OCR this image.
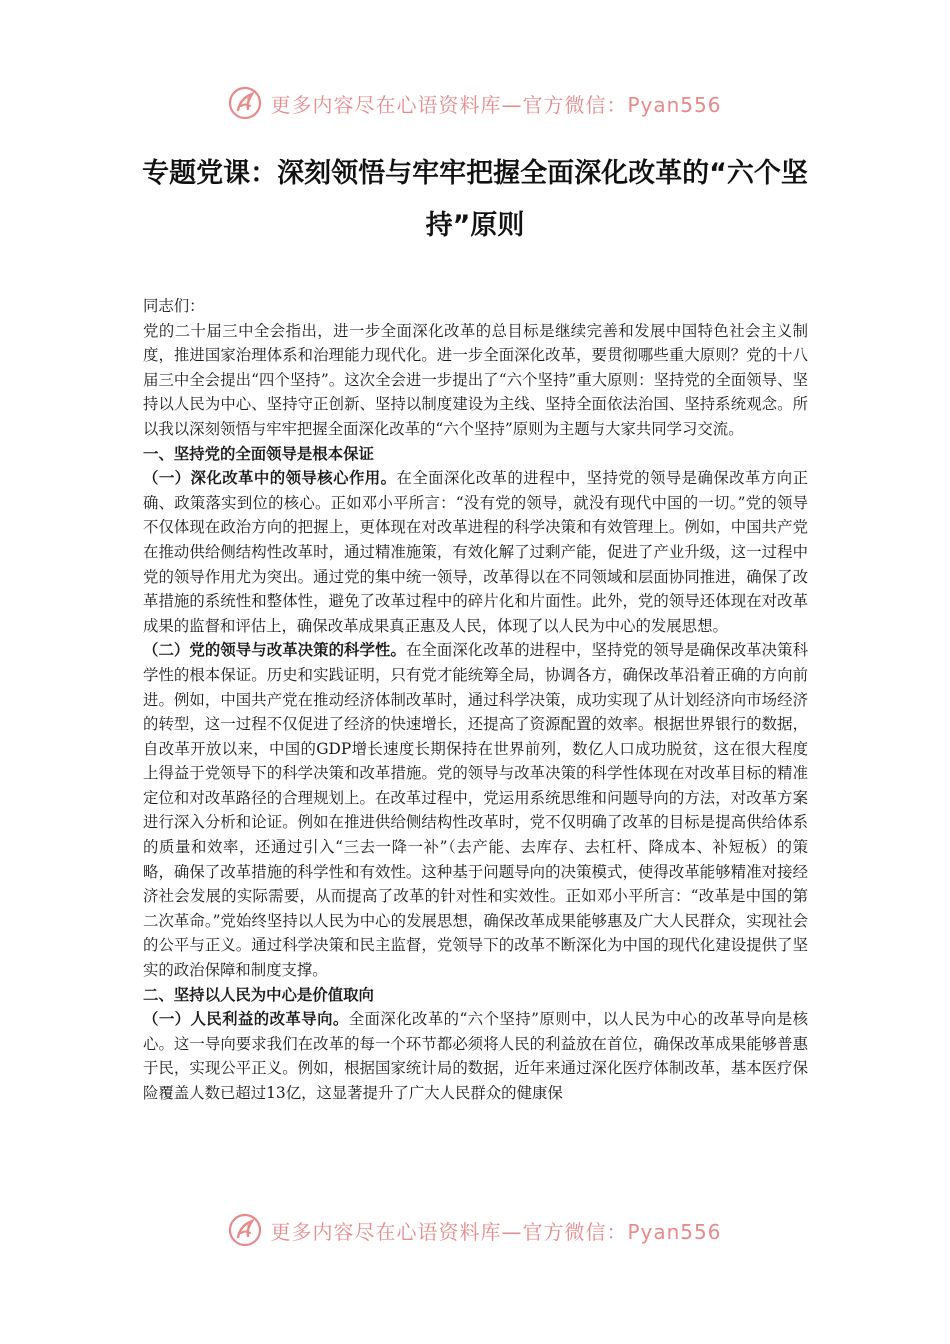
更多内容尽在心语资料库—官方微信：Pyan556
专题党课：深刻领悟与牢牢把握全面深化改革的“六个坚持”原则

同志们：

党的二十届三中全会指出，进一步全面深化改革的总目标是继续完善和发展中国特色社会主义制度，推进国家治理体系和治理能力现代化。进一步全面深化改革，要贯彻哪些重大原则？党的十八届三中全会提出“四个坚持”。这次全会进一步提出了“六个坚持”重大原则：坚持党的全面领导、坚持以人民为中心、坚持守正创新、坚持以制度建设为主线、坚持全面依法治国、坚持系统观念。所以我以深刻领悟与牢牢把握全面深化改革的“六个坚持”原则为主题与大家共同学习交流。

一、坚持党的全面领导是根本保证

（一）深化改革中的领导核心作用。在全面深化改革的进程中，坚持党的领导是确保改革方向正确、政策落实到位的核心。正如邓小平所言：“没有党的领导，就没有现代中国的一切。”党的领导不仅体现在政治方向的把握上，更体现在对改革进程的科学决策和有效管理上。例如，中国共产党在推动供给侧结构性改革时，通过精准施策，有效化解了过剩产能，促进了产业升级，这一过程中党的领导作用尤为突出。通过党的集中统一领导，改革得以在不同领域和层面协同推进，确保了改革措施的系统性和整体性，避免了改革过程中的碎片化和片面性。此外，党的领导还体现在对改革成果的监督和评估上，确保改革成果真正惠及人民，体现了以人民为中心的发展思想。

（二）党的领导与改革决策的科学性。在全面深化改革的进程中，坚持党的领导是确保改革决策科学性的根本保证。历史和实践证明，只有党才能统筹全局，协调各方，确保改革沿着正确的方向前进。例如，中国共产党在推动经济体制改革时，通过科学决策，成功实现了从计划经济向市场经济的转型，这一过程不仅促进了经济的快速增长，还提高了资源配置的效率。根据世界银行的数据，自改革开放以来，中国的GDP增长速度长期保持在世界前列，数亿人口成功脱贫，这在很大程度上得益于党领导下的科学决策和改革措施。党的领导与改革决策的科学性体现在对改革目标的精准定位和对改革路径的合理规划上。在改革过程中，党运用系统思维和问题导向的方法，对改革方案进行深入分析和论证。例如在推进供给侧结构性改革时，党不仅明确了改革的目标是提高供给体系的质量和效率，还通过引入“三去一降一补”（去产能、去库存、去杠杆、降成本、补短板）的策略，确保了改革措施的科学性和有效性。这种基于问题导向的决策模式，使得改革能够精准对接经济社会发展的实际需要，从而提高了改革的针对性和实效性。正如邓小平所言：“改革是中国的第二次革命。”党始终坚持以人民为中心的发展思想，确保改革成果能够惠及广大人民群众，实现社会的公平与正义。通过科学决策和民主监督，党领导下的改革不断深化为中国的现代化建设提供了坚实的政治保障和制度支撑。

二、坚持以人民为中心是价值取向

（一）人民利益的改革导向。全面深化改革的“六个坚持”原则中，以人民为中心的改革导向是核心。这一导向要求我们在改革的每一个环节都必须将人民的利益放在首位，确保改革成果能够普惠于民，实现公平正义。例如，根据国家统计局的数据，近年来通过深化医疗体制改革，基本医疗保险覆盖人数已超过13亿，这显著提升了广大人民群众的健康保

更多内容尽在心语资料库—官方微信：Pyan556
